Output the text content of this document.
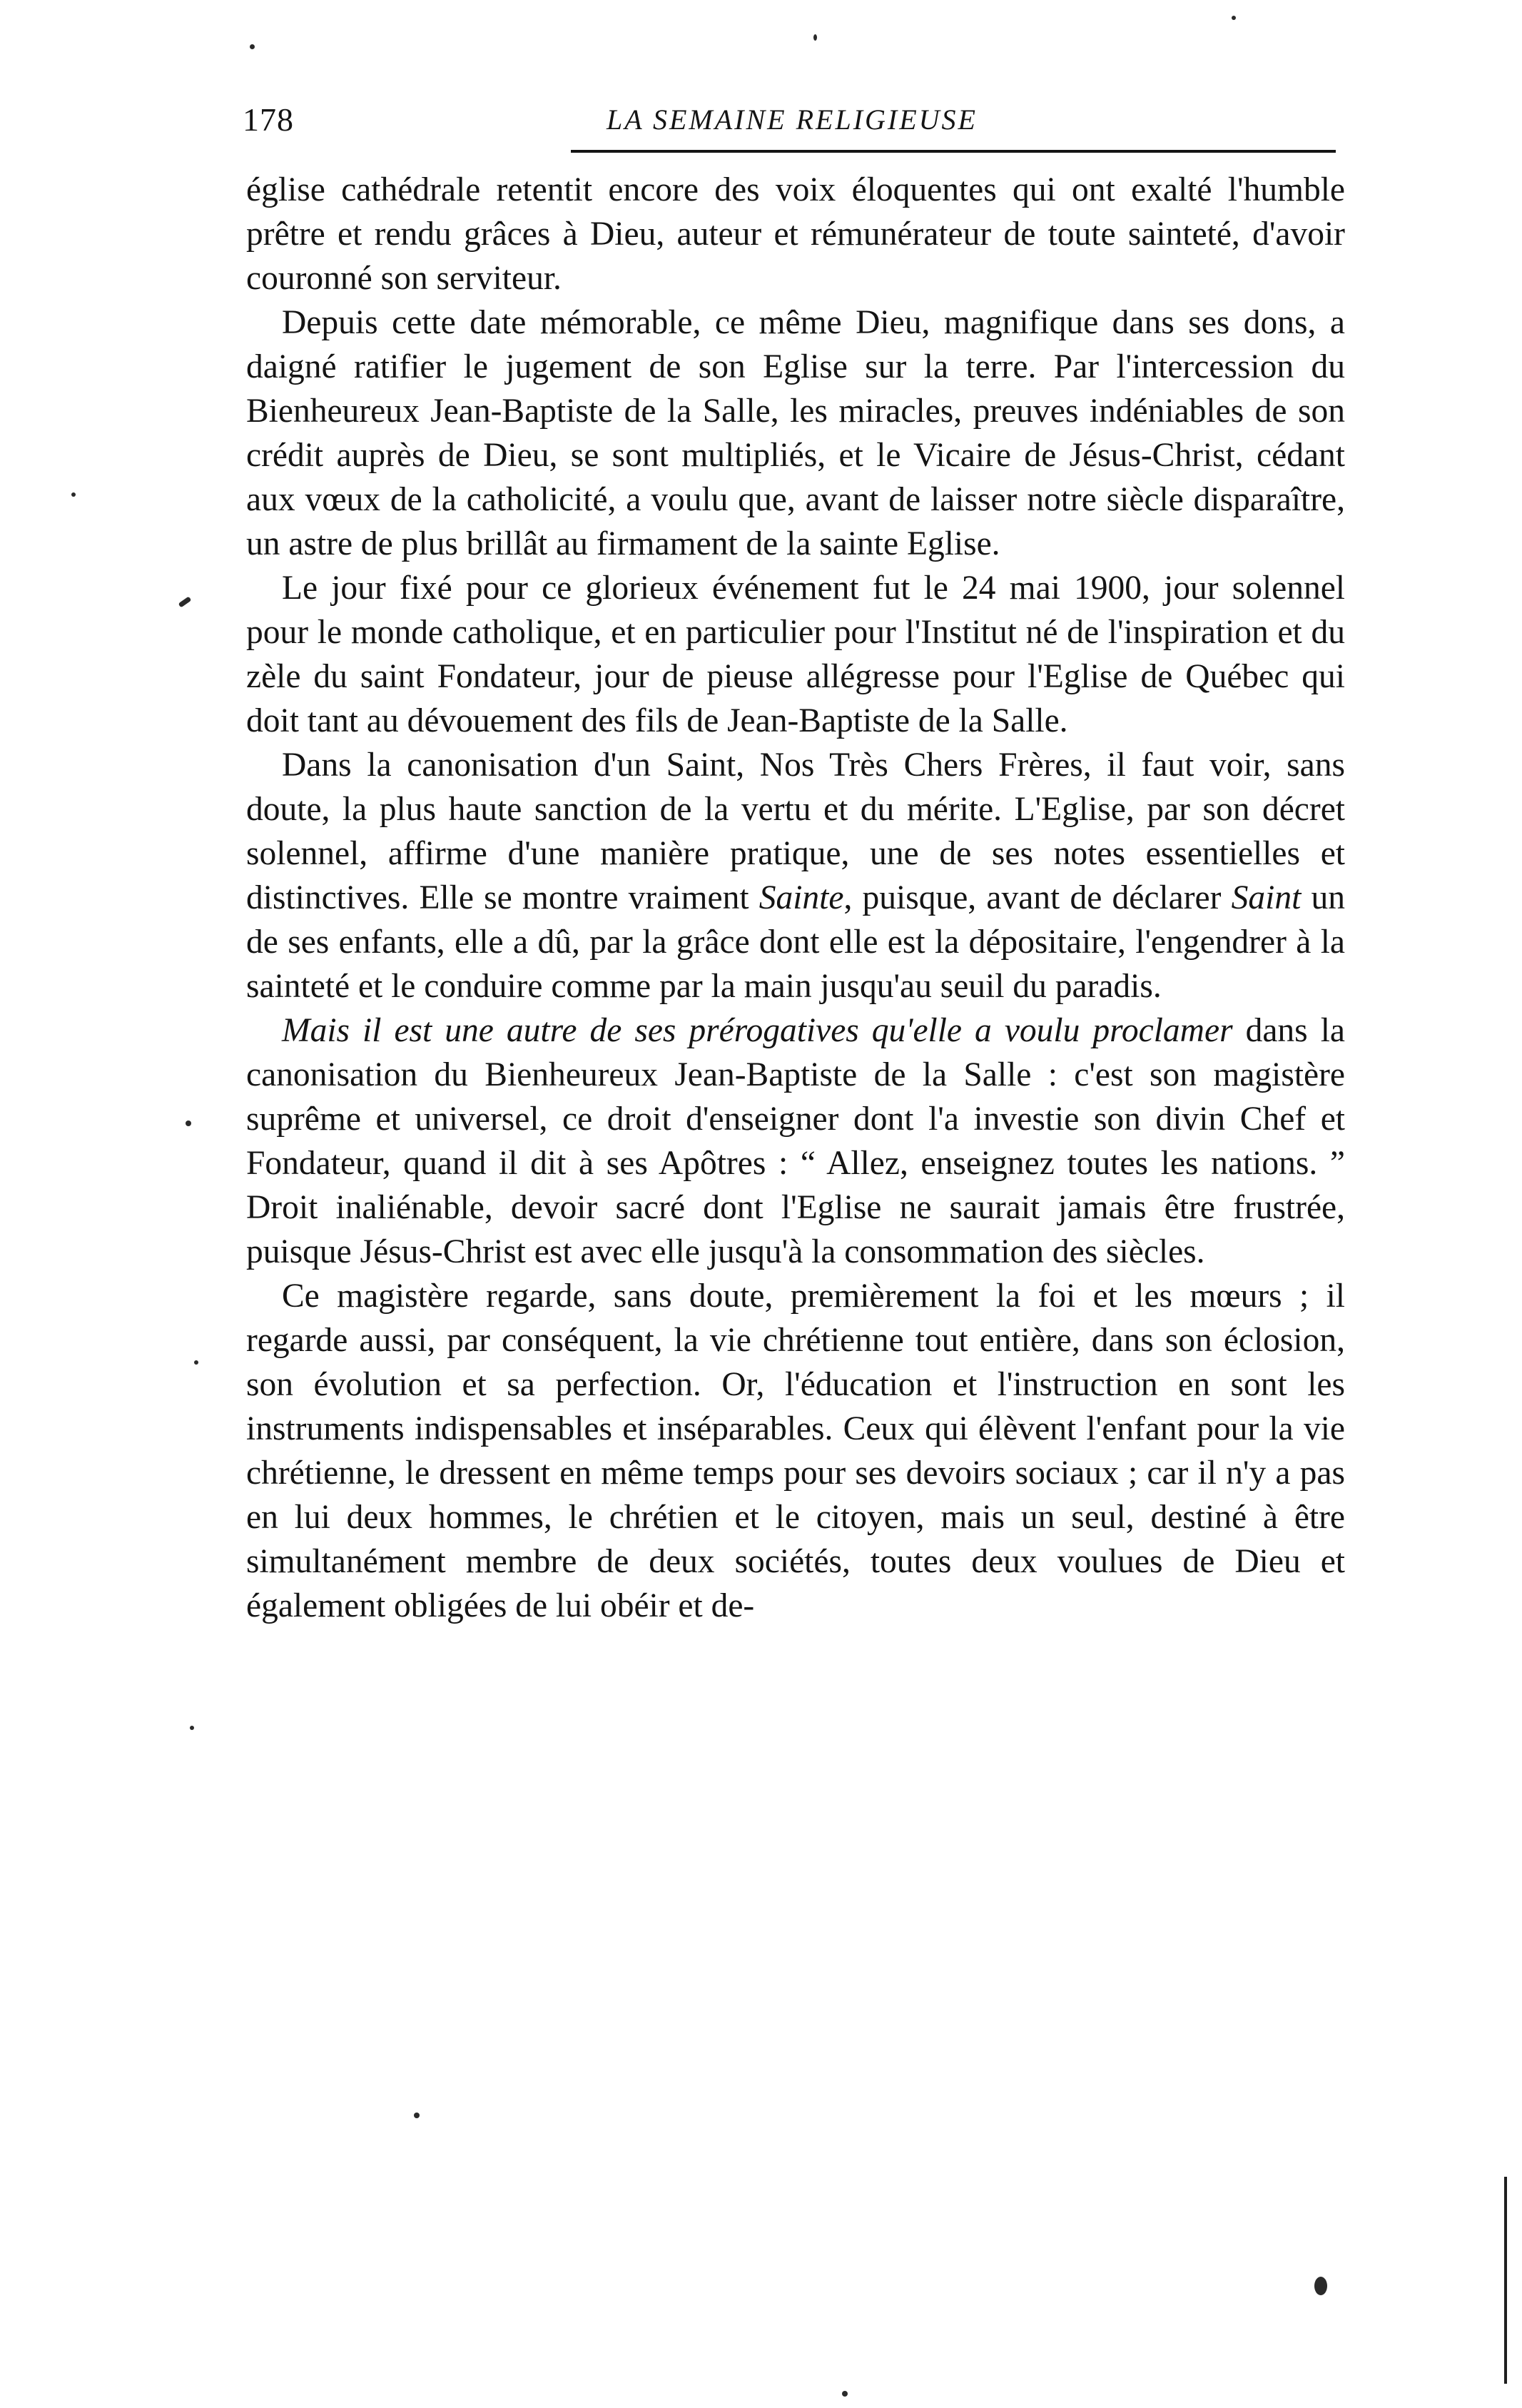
178	LA SEMAINE RELIGIEUSE

église cathédrale retentit encore des voix éloquentes qui ont exalté l'humble prêtre et rendu grâces à Dieu, auteur et rémunérateur de toute sainteté, d'avoir couronné son serviteur.

Depuis cette date mémorable, ce même Dieu, magnifique dans ses dons, a daigné ratifier le jugement de son Eglise sur la terre. Par l'intercession du Bienheureux Jean-Baptiste de la Salle, les miracles, preuves indéniables de son crédit auprès de Dieu, se sont multipliés, et le Vicaire de Jésus-Christ, cédant aux vœux de la catholicité, a voulu que, avant de laisser notre siècle disparaître, un astre de plus brillât au firmament de la sainte Eglise.

Le jour fixé pour ce glorieux événement fut le 24 mai 1900, jour solennel pour le monde catholique, et en particulier pour l'Institut né de l'inspiration et du zèle du saint Fondateur, jour de pieuse allégresse pour l'Eglise de Québec qui doit tant au dévouement des fils de Jean-Baptiste de la Salle.

Dans la canonisation d'un Saint, Nos Très Chers Frères, il faut voir, sans doute, la plus haute sanction de la vertu et du mérite. L'Eglise, par son décret solennel, affirme d'une manière pratique, une de ses notes essentielles et distinctives. Elle se montre vraiment Sainte, puisque, avant de déclarer Saint un de ses enfants, elle a dû, par la grâce dont elle est la dépositaire, l'engendrer à la sainteté et le conduire comme par la main jusqu'au seuil du paradis.

Mais il est une autre de ses prérogatives qu'elle a voulu proclamer dans la canonisation du Bienheureux Jean-Baptiste de la Salle : c'est son magistère suprême et universel, ce droit d'enseigner dont l'a investie son divin Chef et Fondateur, quand il dit à ses Apôtres : “ Allez, enseignez toutes les nations. ” Droit inaliénable, devoir sacré dont l'Eglise ne saurait jamais être frustrée, puisque Jésus-Christ est avec elle jusqu'à la consommation des siècles.

Ce magistère regarde, sans doute, premièrement la foi et les mœurs ; il regarde aussi, par conséquent, la vie chrétienne tout entière, dans son éclosion, son évolution et sa perfection. Or, l'éducation et l'instruction en sont les instruments indispensables et inséparables. Ceux qui élèvent l'enfant pour la vie chrétienne, le dressent en même temps pour ses devoirs sociaux ; car il n'y a pas en lui deux hommes, le chrétien et le citoyen, mais un seul, destiné à être simultanément membre de deux sociétés, toutes deux voulues de Dieu et également obligées de lui obéir et de-
